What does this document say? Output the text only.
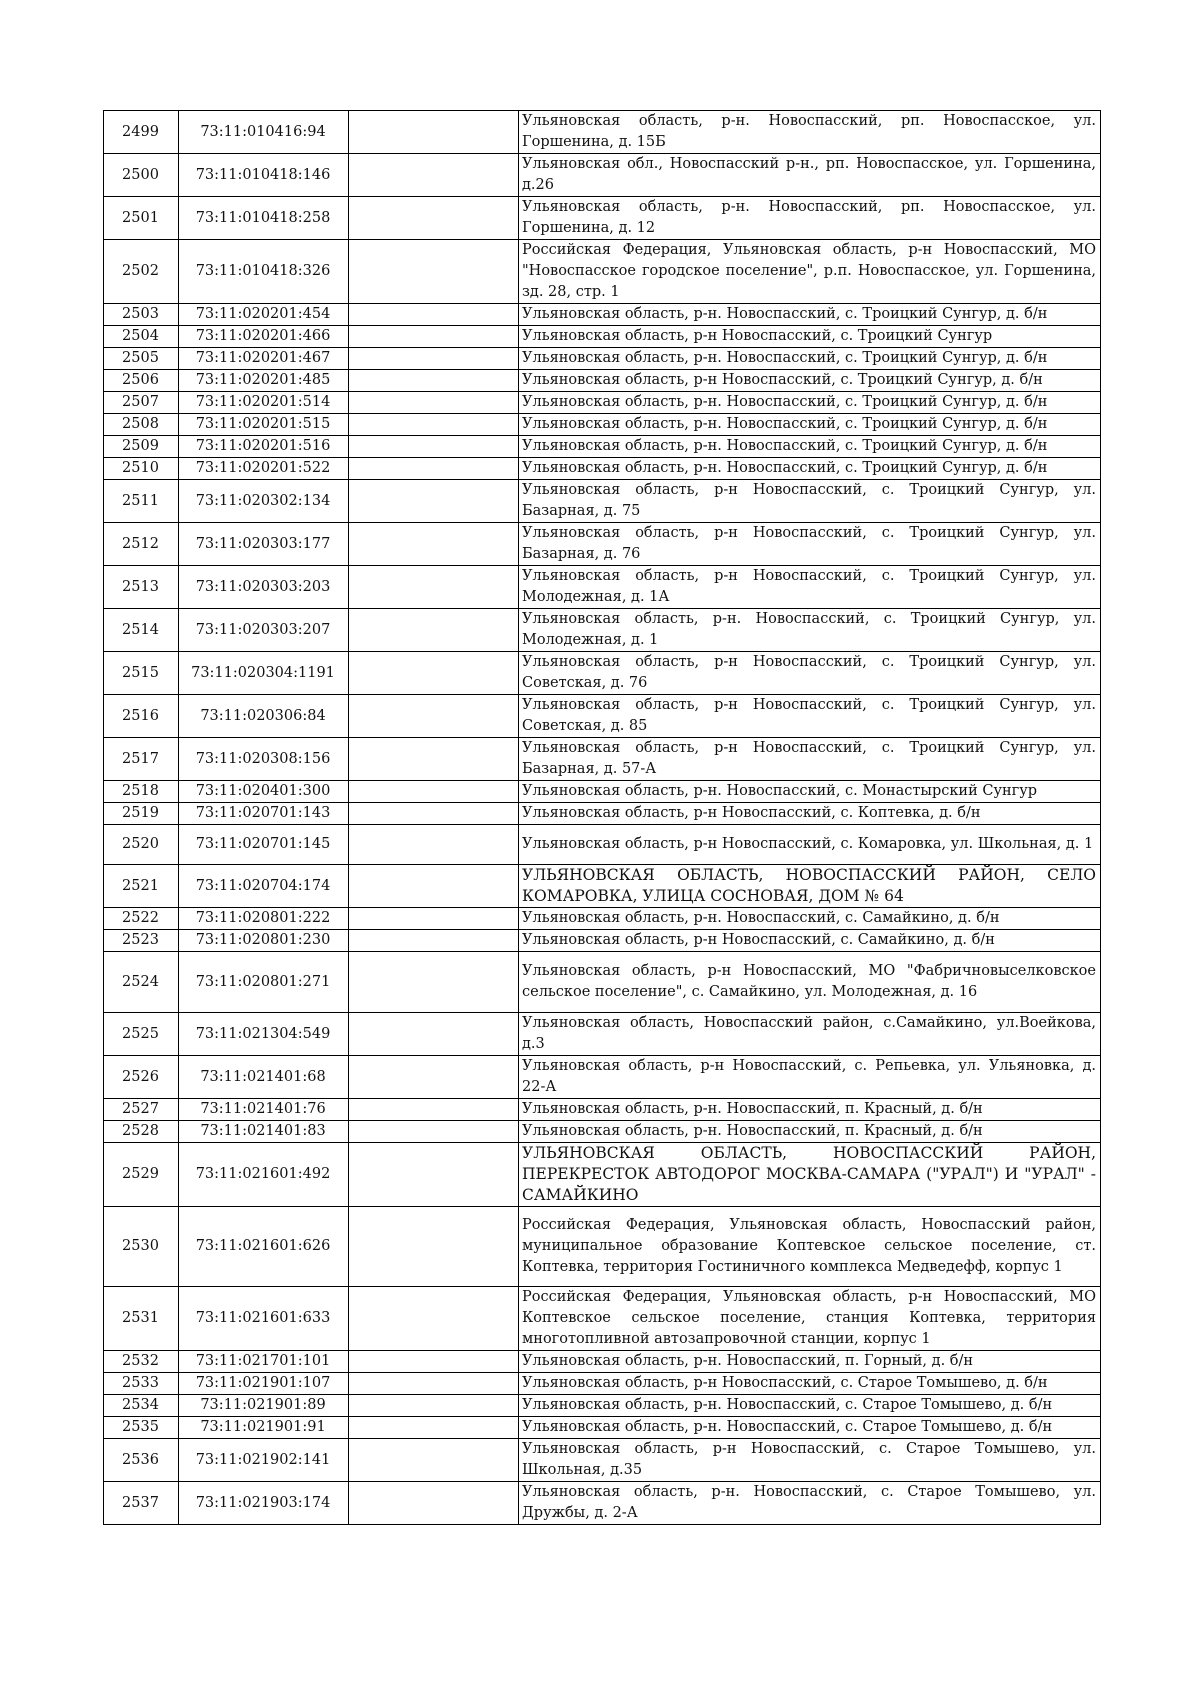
2499	73:11:010416:94		Ульяновская область, р-н. Новоспасский, рп. Новоспасское, ул. Горшенина, д. 15Б
2500	73:11:010418:146		Ульяновская обл., Новоспасский р-н., рп. Новоспасское, ул. Горшенина, д.26
2501	73:11:010418:258		Ульяновская область, р-н. Новоспасский, рп. Новоспасское, ул. Горшенина, д. 12
2502	73:11:010418:326		Российская Федерация, Ульяновская область, р-н Новоспасский, МО "Новоспасское городское поселение", р.п. Новоспасское, ул. Горшенина, зд. 28, стр. 1
2503	73:11:020201:454		Ульяновская область, р-н. Новоспасский, с. Троицкий Сунгур, д. б/н
2504	73:11:020201:466		Ульяновская область, р-н Новоспасский, с. Троицкий Сунгур
2505	73:11:020201:467		Ульяновская область, р-н. Новоспасский, с. Троицкий Сунгур, д. б/н
2506	73:11:020201:485		Ульяновская область, р-н Новоспасский, с. Троицкий Сунгур, д. б/н
2507	73:11:020201:514		Ульяновская область, р-н. Новоспасский, с. Троицкий Сунгур, д. б/н
2508	73:11:020201:515		Ульяновская область, р-н. Новоспасский, с. Троицкий Сунгур, д. б/н
2509	73:11:020201:516		Ульяновская область, р-н. Новоспасский, с. Троицкий Сунгур, д. б/н
2510	73:11:020201:522		Ульяновская область, р-н. Новоспасский, с. Троицкий Сунгур, д. б/н
2511	73:11:020302:134		Ульяновская область, р-н Новоспасский, с. Троицкий Сунгур, ул. Базарная, д. 75
2512	73:11:020303:177		Ульяновская область, р-н Новоспасский, с. Троицкий Сунгур, ул. Базарная, д. 76
2513	73:11:020303:203		Ульяновская область, р-н Новоспасский, с. Троицкий Сунгур, ул. Молодежная, д. 1А
2514	73:11:020303:207		Ульяновская область, р-н. Новоспасский, с. Троицкий Сунгур, ул. Молодежная, д. 1
2515	73:11:020304:1191		Ульяновская область, р-н Новоспасский, с. Троицкий Сунгур, ул. Советская, д. 76
2516	73:11:020306:84		Ульяновская область, р-н Новоспасский, с. Троицкий Сунгур, ул. Советская, д. 85
2517	73:11:020308:156		Ульяновская область, р-н Новоспасский, с. Троицкий Сунгур, ул. Базарная, д. 57-А
2518	73:11:020401:300		Ульяновская область, р-н. Новоспасский, с. Монастырский Сунгур
2519	73:11:020701:143		Ульяновская область, р-н Новоспасский, с. Коптевка, д. б/н
2520	73:11:020701:145		Ульяновская область, р-н Новоспасский, с. Комаровка, ул. Школьная, д. 1
2521	73:11:020704:174		УЛЬЯНОВСКАЯ ОБЛАСТЬ, НОВОСПАССКИЙ РАЙОН, СЕЛО КОМАРОВКА, УЛИЦА СОСНОВАЯ, ДОМ № 64
2522	73:11:020801:222		Ульяновская область, р-н. Новоспасский, с. Самайкино, д. б/н
2523	73:11:020801:230		Ульяновская область, р-н Новоспасский, с. Самайкино, д. б/н
2524	73:11:020801:271		Ульяновская область, р-н Новоспасский, МО "Фабричновыселковское сельское поселение", с. Самайкино, ул. Молодежная, д. 16
2525	73:11:021304:549		Ульяновская область, Новоспасский район, с.Самайкино, ул.Воейкова, д.3
2526	73:11:021401:68		Ульяновская область, р-н Новоспасский, с. Репьевка, ул. Ульяновка, д. 22-А
2527	73:11:021401:76		Ульяновская область, р-н. Новоспасский, п. Красный, д. б/н
2528	73:11:021401:83		Ульяновская область, р-н. Новоспасский, п. Красный, д. б/н
2529	73:11:021601:492		УЛЬЯНОВСКАЯ ОБЛАСТЬ, НОВОСПАССКИЙ РАЙОН, ПЕРЕКРЕСТОК АВТОДОРОГ МОСКВА-САМАРА ("УРАЛ") И "УРАЛ" - САМАЙКИНО
2530	73:11:021601:626		Российская Федерация, Ульяновская область, Новоспасский район, муниципальное образование Коптевское сельское поселение, ст. Коптевка, территория Гостиничного комплекса Медведефф, корпус 1
2531	73:11:021601:633		Российская Федерация, Ульяновская область, р-н Новоспасский, МО Коптевское сельское поселение, станция Коптевка, территория многотопливной автозапровочной станции, корпус 1
2532	73:11:021701:101		Ульяновская область, р-н. Новоспасский, п. Горный, д. б/н
2533	73:11:021901:107		Ульяновская область, р-н Новоспасский, с. Старое Томышево, д. б/н
2534	73:11:021901:89		Ульяновская область, р-н. Новоспасский, с. Старое Томышево, д. б/н
2535	73:11:021901:91		Ульяновская область, р-н. Новоспасский, с. Старое Томышево, д. б/н
2536	73:11:021902:141		Ульяновская область, р-н Новоспасский, с. Старое Томышево, ул. Школьная, д.35
2537	73:11:021903:174		Ульяновская область, р-н. Новоспасский, с. Старое Томышево, ул. Дружбы, д. 2-А
